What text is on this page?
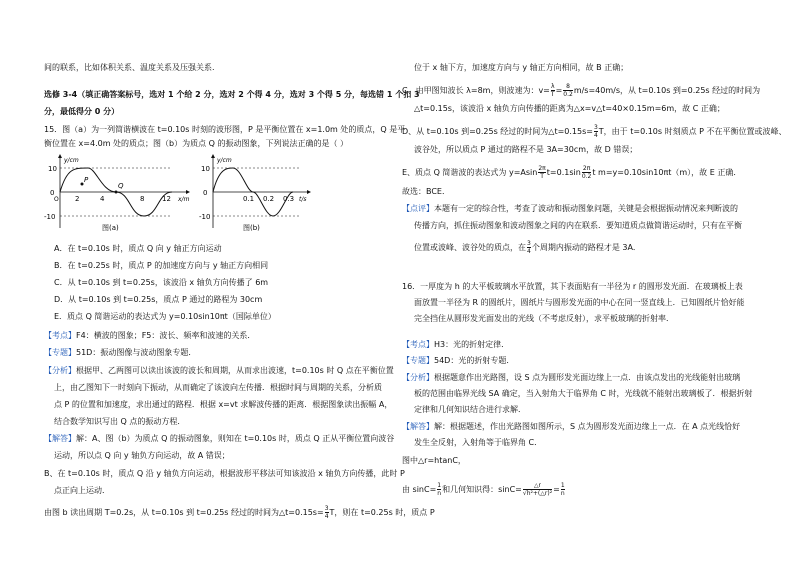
间的联系，比如体积关系、温度关系及压强关系.
选修 3-4（填正确答案标号，选对 1 个给 2 分，选对 2 个得 4 分，选对 3 个得 5 分，每选错 1 个扣 3
分，最低得分 0 分）
15．图（a）为一列简谐横波在 t=0.10s 时刻的波形图，P 是平衡位置在 x=1.0m 处的质点，Q 是平
衡位置在 x=4.0m 处的质点；图（b）为质点 Q 的振动图象，下列说法正确的是（ ）
10
0
-10
2	4	8	12 x/m
y/cm
P
Q
O
图(a)
10
0
-10
0.1 0.2 0.3 t/s
y/cm
图(b)
A．在 t=0.10s 时，质点 Q 向 y 轴正方向运动
B．在 t=0.25s 时，质点 P 的加速度方向与 y 轴正方向相同
C．从 t=0.10s 到 t=0.25s，该波沿 x 轴负方向传播了 6m
D．从 t=0.10s 到 t=0.25s，质点 P 通过的路程为 30cm
E．质点 Q 简谐运动的表达式为 y=0.10sin10πt（国际单位）
【考点】F4：横波的图象；F5：波长、频率和波速的关系．
【专题】51D：振动图像与波动图象专题．
【分析】根据甲、乙两图可以读出该波的波长和周期，从而求出波速，t=0.10s 时 Q 点在平衡位置
上，由乙图知下一时刻向下振动，从而确定了该波向左传播．根据时间与周期的关系，分析质
点 P 的位置和加速度，求出通过的路程．根据 x=vt 求解波传播的距离．根据图象读出振幅 A，
结合数学知识写出 Q 点的振动方程．
【解答】解：A、图（b）为质点 Q 的振动图象，则知在 t=0.10s 时，质点 Q 正从平衡位置向波谷
运动，所以点 Q 向 y 轴负方向运动，故 A 错误；
B、在 t=0.10s 时，质点 Q 沿 y 轴负方向运动，根据波形平移法可知该波沿 x 轴负方向传播，此时 P
点正向上运动．
由图 b 读出周期 T=0.2s，从 t=0.10s 到 t=0.25s 经过的时间为△t=0.15s= $\frac{3}{4}$ T，则在 t=0.25s 时，质点 P
位于 x 轴下方，加速度方向与 y 轴正方向相同，故 B 正确；
C、由甲图知波长 λ=8m，则波速为：$v= \frac{\lambda}{T} = \frac{8}{0.2} m/s=40m/s$，从 t=0.10s 到=0.25s 经过的时间为
△t=0.15s，该波沿 x 轴负方向传播的距离为△x=v△t=40×0.15m=6m，故 C 正确；
D、从 t=0.10s 到=0.25s 经过的时间为△t=0.15s= $\frac{3}{4}$ T，由于 t=0.10s 时刻质点 P 不在平衡位置或波峰、
波谷处，所以质点 P 通过的路程不是 3A=30cm，故 D 错误；
E、质点 Q 简谐波的表达式为 $y=Asin \frac{2\pi}{T} t=0.1\sin \frac{2\pi}{0.2}$ t m=y=0.10sin10πt（m），故 E 正确．
故选：BCE．
【点评】本题有一定的综合性，考查了波动和振动图象问题，关键是会根据振动情况来判断波的
传播方向，抓住振动图象和波动图象之间的内在联系．要知道质点做简谐运动时，只有在平衡
位置或波峰、波谷处的质点，在 $\frac{3}{4}$ 个周期内振动的路程才是 3A．
16．一厚度为 h 的大平板玻璃水平放置，其下表面贴有一半径为 r 的圆形发光面．在玻璃板上表
面放置一半径为 R 的圆纸片，圆纸片与圆形发光面的中心在同一竖直线上．已知圆纸片恰好能
完全挡住从圆形发光面发出的光线（不考虑反射），求平板玻璃的折射率．
【考点】H3：光的折射定律．
【专题】54D：光的折射专题．
【分析】根据题意作出光路图，设 S 点为圆形发光面边缘上一点．由该点发出的光线能射出玻璃
板的范围由临界光线 SA 确定，当入射角大于临界角 C 时，光线就不能射出玻璃板了．根据折射
定律和几何知识结合进行求解．
【解答】解：根据题述，作出光路图如图所示，S 点为圆形发光面边缘上一点．在 A 点光线恰好
发生全反射，入射角等于临界角 C．
图中△r=htanC，
由 $\sin C= \frac{1}{n}$ 和几何知识得：$\sin C= \frac{\triangle r}{\text{√h²+(△r)²}} = \frac{1}{n}$
